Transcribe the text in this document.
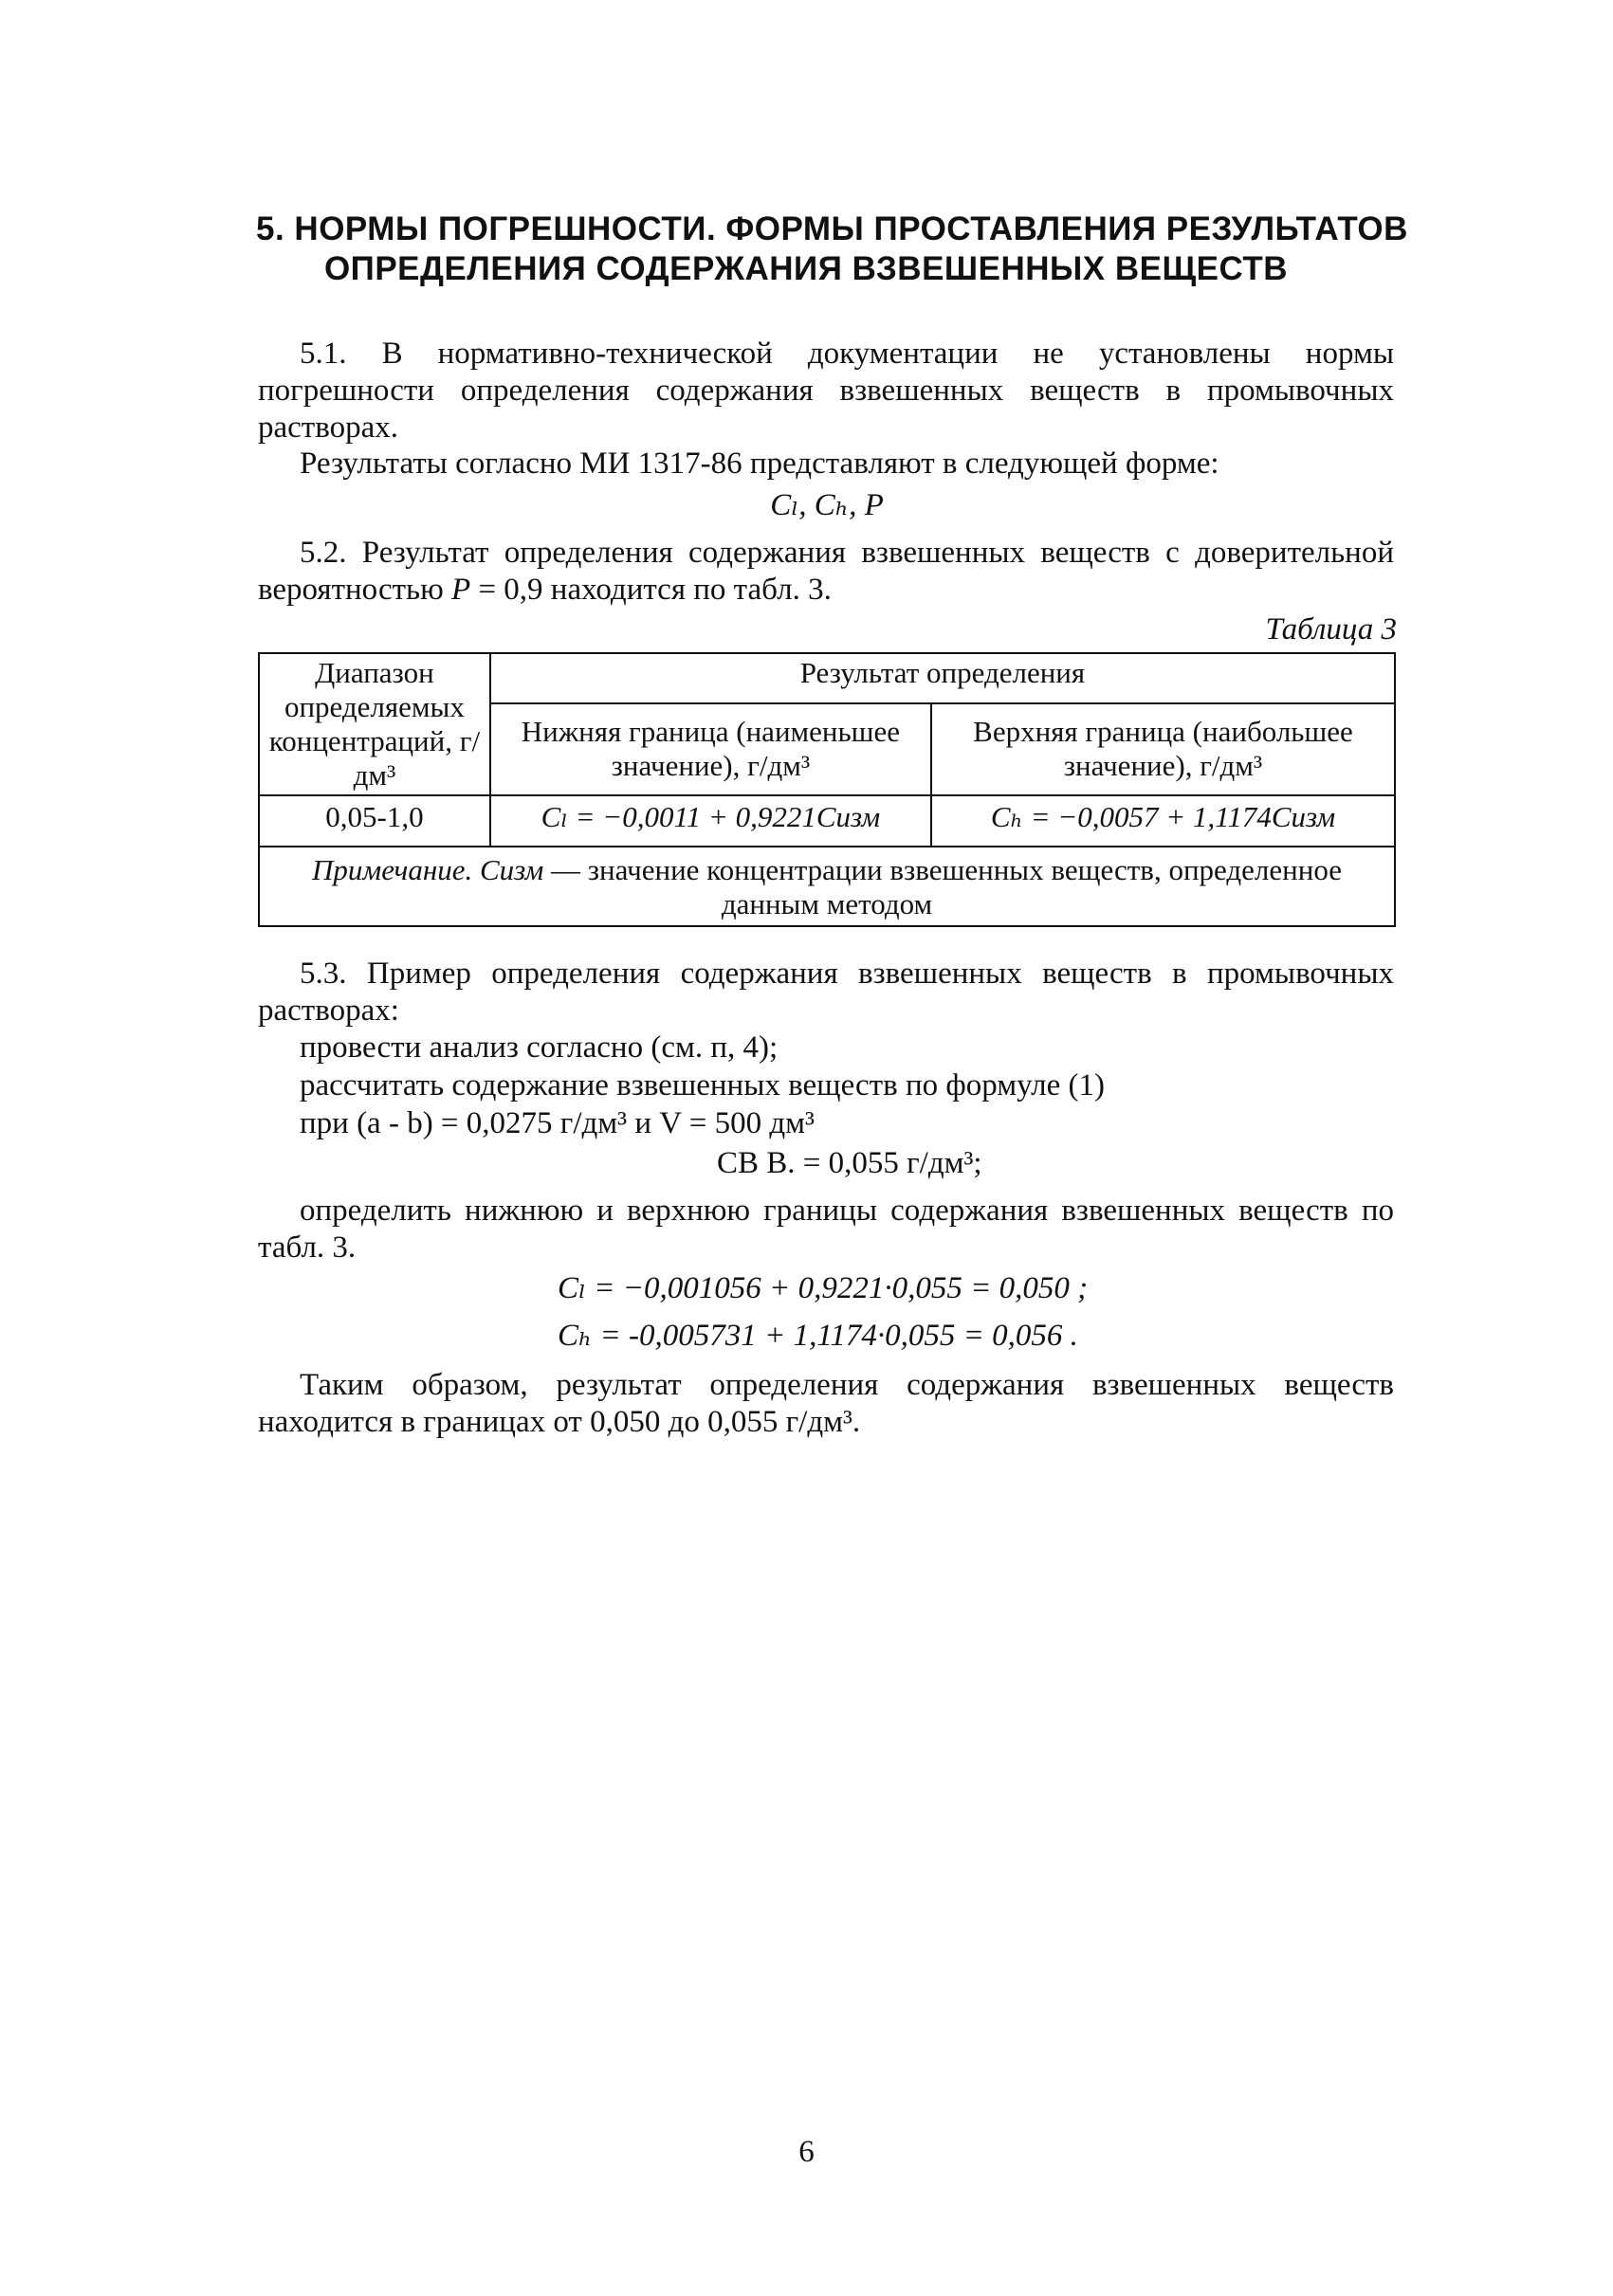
5. НОРМЫ ПОГРЕШНОСТИ. ФОРМЫ ПРОСТАВЛЕНИЯ РЕЗУЛЬТАТОВ
ОПРЕДЕЛЕНИЯ СОДЕРЖАНИЯ ВЗВЕШЕННЫХ ВЕЩЕСТВ
5.1. В нормативно-технической документации не установлены нормы погрешности определения содержания взвешенных веществ в промывочных растворах.
Результаты согласно МИ 1317-86 представляют в следующей форме:
Cₗ, Cₕ, P
5.2. Результат определения содержания взвешенных веществ с доверительной вероятностью P = 0,9 находится по табл. 3.
Таблица 3
Диапазон определяемых концентраций, г/дм³	Результат определения	
	Нижняя граница (наименьшее значение), г/дм³	Верхняя граница (наибольшее значение), г/дм³
0,05-1,0	Cₗ = −0,0011 + 0,9221Cизм	Cₕ = −0,0057 + 1,1174Cизм
Примечание. Cизм — значение концентрации взвешенных веществ, определенное данным методом		
5.3. Пример определения содержания взвешенных веществ в промывочных растворах:
провести анализ согласно (см. п, 4);
рассчитать содержание взвешенных веществ по формуле (1)
при (a - b) = 0,0275 г/дм³ и V = 500 дм³
CВ В. = 0,055 г/дм³;
определить нижнюю и верхнюю границы содержания взвешенных веществ по табл. 3.
Cₗ = −0,001056 + 0,9221·0,055 = 0,050 ;
Cₕ = -0,005731 + 1,1174·0,055 = 0,056 .
Таким образом, результат определения содержания взвешенных веществ находится в границах от 0,050 до 0,055 г/дм³.
6
